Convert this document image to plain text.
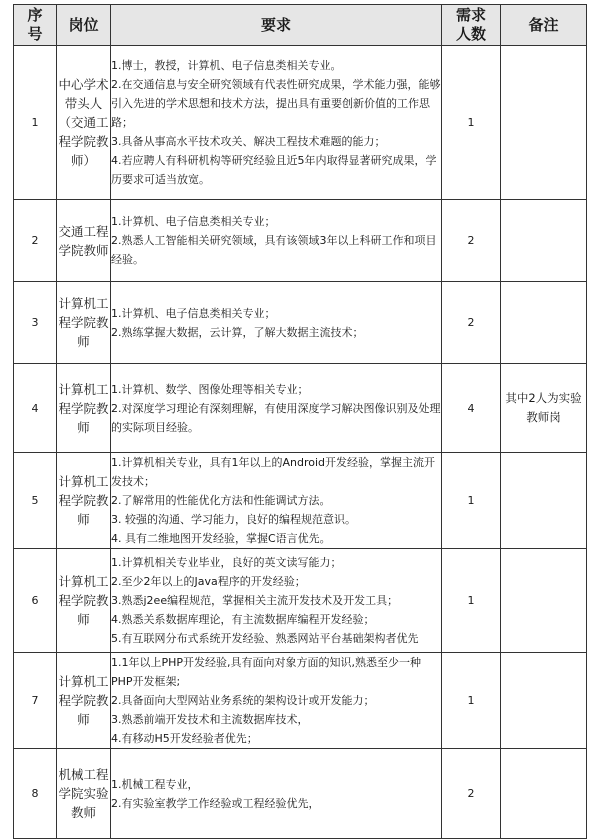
序号	岗位	要求	需求人数	备注
1	中心学术带头人（交通工程学院教师）	1.博士，教授，计算机、电子信息类相关专业。
2.在交通信息与安全研究领域有代表性研究成果，学术能力强，能够引入先进的学术思想和技术方法，提出具有重要创新价值的工作思路；
3.具备从事高水平技术攻关、解决工程技术难题的能力；
4.若应聘人有科研机构等研究经验且近5年内取得显著研究成果，学历要求可适当放宽。	1	
2	交通工程学院教师	1.计算机、电子信息类相关专业；
2.熟悉人工智能相关研究领域，具有该领域3年以上科研工作和项目经验。	2	
3	计算机工程学院教师	1.计算机、电子信息类相关专业；
2.熟练掌握大数据，云计算，了解大数据主流技术；	2	
4	计算机工程学院教师	1.计算机、数学、图像处理等相关专业；
2.对深度学习理论有深刻理解，有使用深度学习解决图像识别及处理的实际项目经验。	4	其中2人为实验教师岗
5	计算机工程学院教师	1.计算机相关专业，具有1年以上的Android开发经验，掌握主流开发技术；
2.了解常用的性能优化方法和性能调试方法。
3. 较强的沟通、学习能力，良好的编程规范意识。
4. 具有二维地图开发经验，掌握C语言优先。	1	
6	计算机工程学院教师	1.计算机相关专业毕业，良好的英文读写能力；
2.至少2年以上的Java程序的开发经验；
3.熟悉j2ee编程规范，掌握相关主流开发技术及开发工具；
4.熟悉关系数据库理论，有主流数据库编程开发经验；
5.有互联网分布式系统开发经验、熟悉网站平台基础架构者优先	1	
7	计算机工程学院教师	1.1年以上PHP开发经验,具有面向对象方面的知识,熟悉至少一种PHP开发框架;
2.具备面向大型网站业务系统的架构设计或开发能力；
3.熟悉前端开发技术和主流数据库技术，
4.有移动H5开发经验者优先；	1	
8	机械工程学院实验教师	1.机械工程专业，
2.有实验室教学工作经验或工程经验优先，	2	
